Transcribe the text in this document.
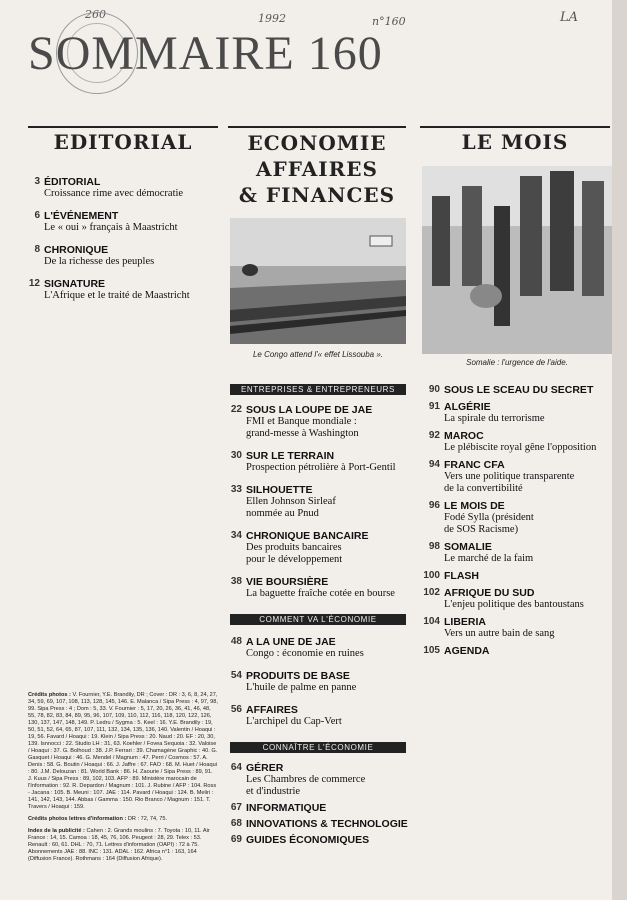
260	1992	n°160	LA
SOMMAIRE 160
EDITORIAL	ECONOMIE
AFFAIRES
& FINANCES
LE MOIS
3 ÉDITORIAL
Croissance rime avec démocratie
6 L'ÉVÉNEMENT
Le « oui » français à Maastricht
8 CHRONIQUE
De la richesse des peuples
12 SIGNATURE
L'Afrique et le traité de Maastricht
Le Congo attend l'« effet Lissouba ».
Somalie : l'urgence de l'aide.
ENTREPRISES & ENTREPRENEURS
22 SOUS LA LOUPE DE JAE
FMI et Banque mondiale :
grand-messe à Washington
30 SUR LE TERRAIN
Prospection pétrolière à Port-Gentil
33 SILHOUETTE
Ellen Johnson Sirleaf
nommée au Pnud
34 CHRONIQUE BANCAIRE
Des produits bancaires
pour le développement
38 VIE BOURSIÈRE
La baguette fraîche cotée en bourse
COMMENT VA L'ÉCONOMIE
48 A LA UNE DE JAE
Congo : économie en ruines
54 PRODUITS DE BASE
L'huile de palme en panne
56 AFFAIRES
L'archipel du Cap-Vert
CONNAÎTRE L'ÉCONOMIE
64 GÉRER
Les Chambres de commerce
et d'industrie
67 INFORMATIQUE
68 INNOVATIONS & TECHNOLOGIE
69 GUIDES ÉCONOMIQUES
90 SOUS LE SCEAU DU SECRET
91 ALGÉRIE
La spirale du terrorisme
92 MAROC
Le plébiscite royal gêne l'opposition
94 FRANC CFA
Vers une politique transparente
de la convertibilité
96 LE MOIS DE
Fodé Sylla (président
de SOS Racisme)
98 SOMALIE
Le marché de la faim
100 FLASH
102 AFRIQUE DU SUD
L'enjeu politique des bantoustans
104 LIBERIA
Vers un autre bain de sang
105 AGENDA
Crédits photos : V. Fournier, Y.E. Brandily, DR ; Cover : DR : 3, 6, 8, 24, 27, 34, 59, 69, 107, 108, 113, 128, 145, 146. E. Malanca / Sipa Press : 4, 97, 98, 99. Sipa Press : 4 ; Dom : 5, 33. V. Fournier : 5, 17, 20, 26, 36, 41, 46, 48, 55, 78, 82, 83, 84, 89, 95, 96, 107, 109, 110, 112, 116, 118, 120, 122, 126, 130, 137, 147, 148, 149. P. Ledru / Sygma : 5. Keel : 16. Y.E. Brandily : 19, 50, 51, 52, 64, 65, 87, 107, 111, 132, 134, 135, 136, 140. Valentin / Hoaqui : 19, 56. Favard / Hoaqui : 19. Klein / Sipa Press : 20. Naud : 20. EF : 20, 30, 139. Isnnocci : 22. Studio LH : 31, 63. Koehler / Fovea Sequoia : 32. Valoise / Hoaqui : 37. G. Bolhoud : 38. J.P. Ferrari : 39. Chamagène Graphic : 40. G. Gasquet / Hoaqui : 46. G. Mendel / Magnum : 47. Perri / Cosmos : 57. A. Denis : 58. G. Boutin / Hoaqui : 66. J. Jaffre : 67. FAO : 68. M. Huet / Hoaqui : 80. J.M. Delouzan : 81. World Bank : 86. H. Zaourie / Sipa Press : 89, 91. J. Kuus / Sipa Press : 89, 102, 103. AFP : 89. Ministère marocain de l'Information : 92. R. Depardon / Magnum : 101. J. Rubine / AFP : 104. Ross - Jacana : 105. B. Meuni : 107. JAE : 114. Pavard / Hoaqui : 124. B. Meliri : 141, 142, 143, 144. Abbas / Gamma : 150. Rio Branco / Magnum : 151. T. Travers / Hoaqui : 159.
Crédits photos lettres d'information : DR : 72, 74, 75.
Index de la publicité : Cahen : 2. Grands moulins : 7. Toyota : 10, 11. Air France : 14, 15. Camoa : 18, 45, 76, 106. Peugeot : 28, 29. Telex : 53. Renault : 60, 61. DHL : 70, 71. Lettres d'information (OAPI) : 72 à 75. Abonnements JAE : 88. INC : 131. ADAL : 162. Africa n°1 : 163, 164 (Diffusion France). Rothmans : 164 (Diffusion Afrique).
